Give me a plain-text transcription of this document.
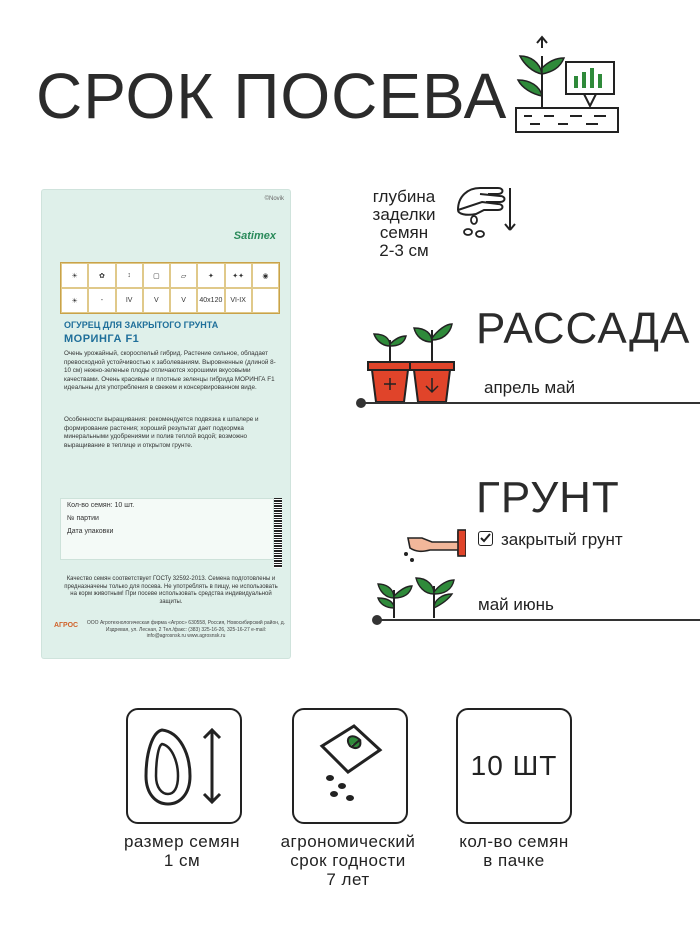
СРОК ПОСЕВА
©Novik
Satimex
☀	✿	↕	▢	▱	✦	✦✦	◉
☀	-	IV	V	V	40x120	VI-IX
ОГУРЕЦ ДЛЯ ЗАКРЫТОГО ГРУНТА
МОРИНГА F1
Очень урожайный, скороспелый гибрид. Растение сильное, обладает превосходной устойчивостью к заболеваниям. Выровненные (длиной 8-10 см) нежно-зеленые плоды отличаются хорошими вкусовыми качествами. Очень красивые и плотные зеленцы гибрида МОРИНГА F1 идеальны для употребления в свежем и консервированном виде.
Особенности выращивания: рекомендуется подвязка к шпалере и формирование растения; хороший результат дает подкормка минеральными удобрениями и полив теплой водой; возможно выращивание в теплице и открытом грунте.
Кол-во семян: 10 шт.
№ партии
Дата упаковки
Качество семян соответствует ГОСТу 32592-2013. Семена подготовлены и предназначены только для посева. Не употреблять в пищу, не использовать на корм животным! При посеве использовать средства индивидуальной защиты.
АГРОС ООО Агротехнологическая фирма «Агрос» 630558, Россия, Новосибирский район, д. Издревая, ул. Лесная, 2 Тел./факс: (383) 325-16-26, 325-16-27 e-mail: info@agrosnsk.ru www.agrosnsk.ru
глубина
заделки
семян
2-3 см
РАССАДА
апрель май
ГРУНТ
закрытый грунт
май июнь
10 ШТ
размер семян
1 см
агрономический
срок годности
7 лет
кол-во семян
в пачке
